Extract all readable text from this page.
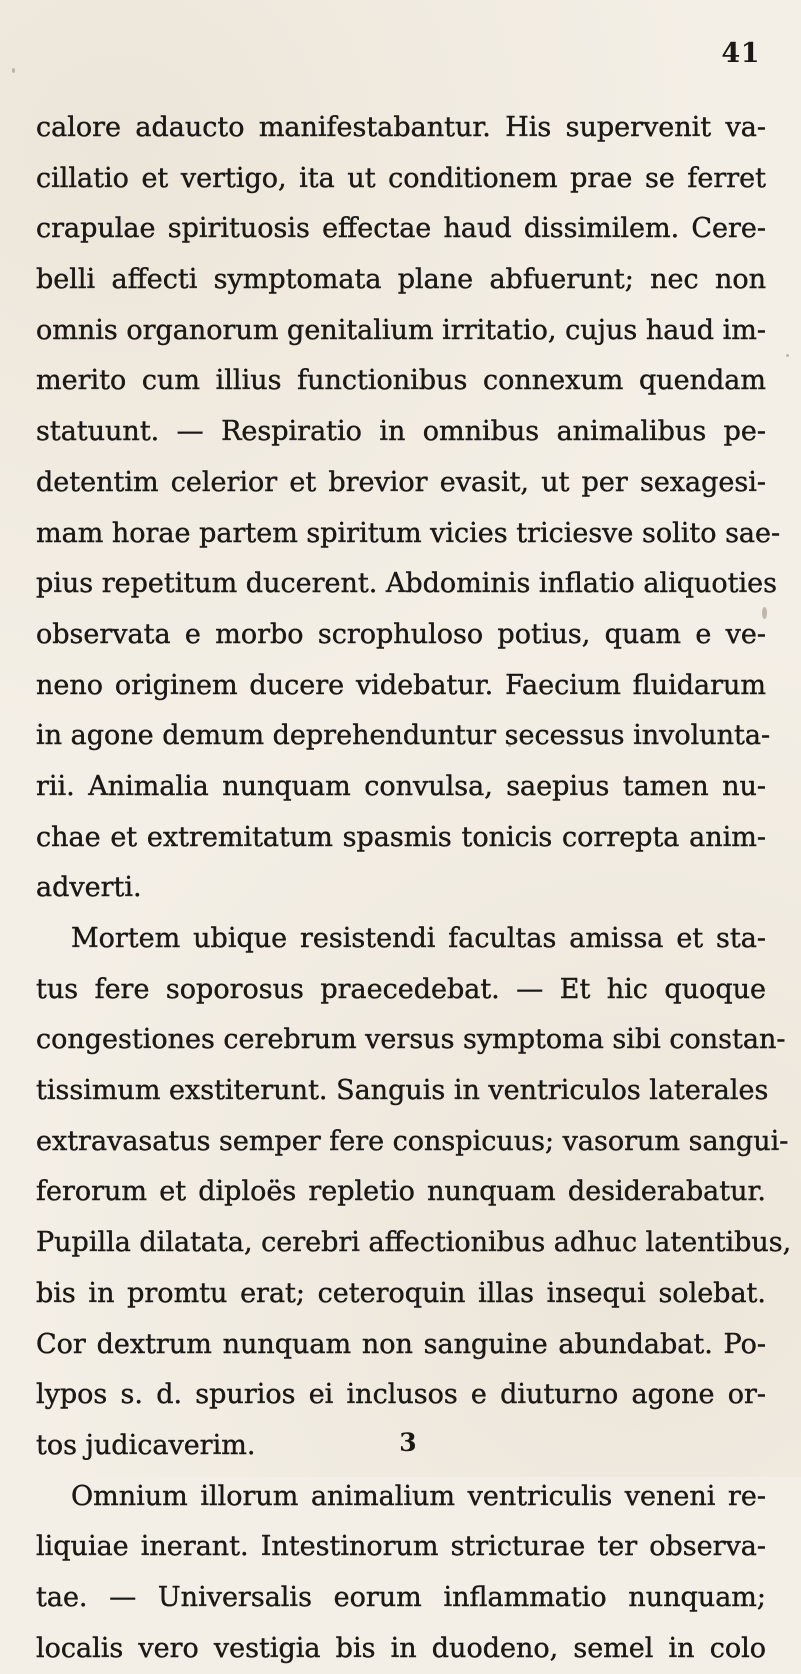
41
calore adaucto manifestabantur. His supervenit va-
cillatio et vertigo, ita ut conditionem prae se ferret
crapulae spirituosis effectae haud dissimilem. Cere-
belli affecti symptomata plane abfuerunt; nec non
omnis organorum genitalium irritatio, cujus haud im-
merito cum illius functionibus connexum quendam
statuunt. — Respiratio in omnibus animalibus pe-
detentim celerior et brevior evasit, ut per sexagesi-
mam horae partem spiritum vicies triciesve solito sae-
pius repetitum ducerent. Abdominis inflatio aliquoties
observata e morbo scrophuloso potius, quam e ve-
neno originem ducere videbatur. Faecium fluidarum
in agone demum deprehenduntur secessus involunta-
rii. Animalia nunquam convulsa, saepius tamen nu-
chae et extremitatum spasmis tonicis correpta anim-
adverti.
Mortem ubique resistendi facultas amissa et sta-
tus fere soporosus praecedebat. — Et hic quoque
congestiones cerebrum versus symptoma sibi constan-
tissimum exstiterunt. Sanguis in ventriculos laterales
extravasatus semper fere conspicuus; vasorum sangui-
ferorum et diploës repletio nunquam desiderabatur.
Pupilla dilatata, cerebri affectionibus adhuc latentibus,
bis in promtu erat; ceteroquin illas insequi solebat.
Cor dextrum nunquam non sanguine abundabat. Po-
lypos s. d. spurios ei inclusos e diuturno agone or-
tos judicaverim.
Omnium illorum animalium ventriculis veneni re-
liquiae inerant. Intestinorum stricturae ter observa-
tae. — Universalis eorum inflammatio nunquam;
localis vero vestigia bis in duodeno, semel in colo
3
